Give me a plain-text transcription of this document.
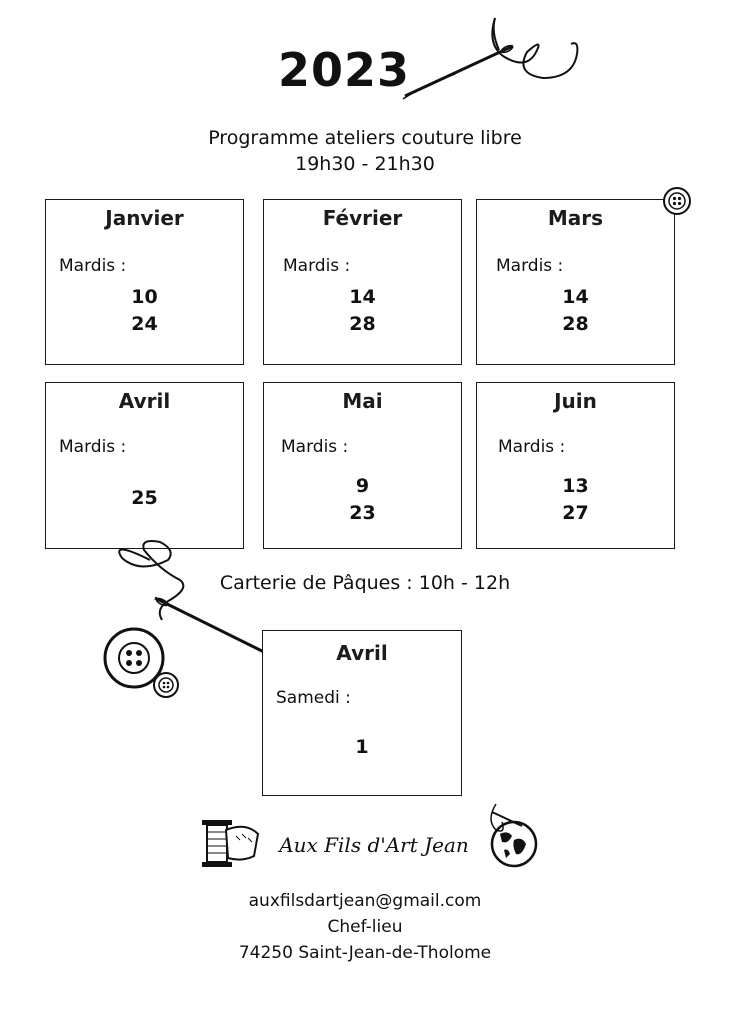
2023
Programme ateliers couture libre
19h30 - 21h30
Janvier
Mardis :
10
24
Février
Mardis :
14
28
Mars
Mardis :
14
28
Avril
Mardis :
25
Mai
Mardis :
9
23
Juin
Mardis :
13
27
Carterie de Pâques : 10h - 12h
Avril
Samedi :
1
Aux Fils d'Art Jean
auxfilsdartjean@gmail.com
Chef-lieu
74250 Saint-Jean-de-Tholome
